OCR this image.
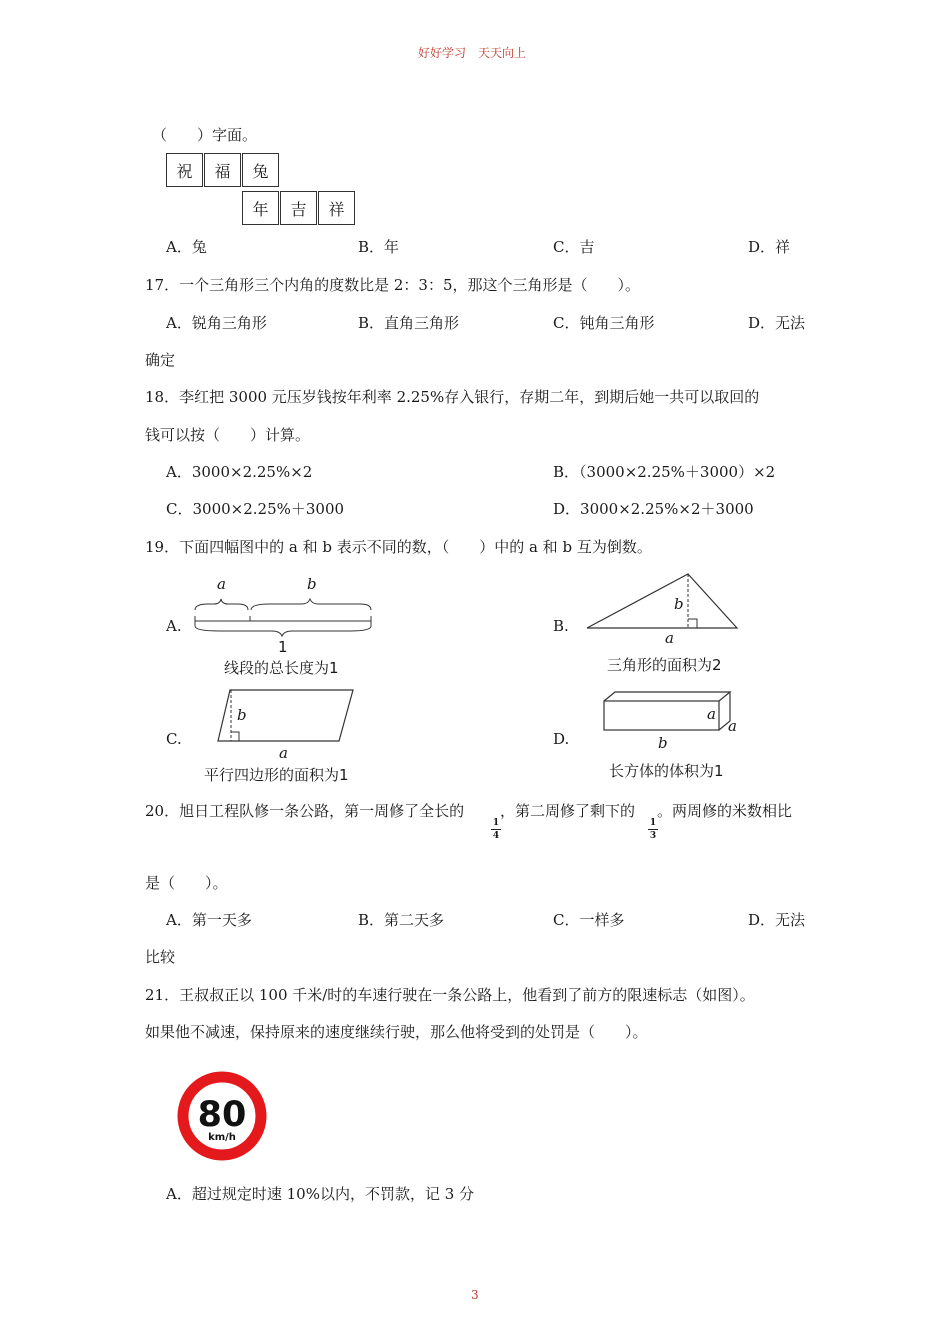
好好学习　天天向上
（　　）字面。
祝	福	兔
年	吉	祥
A．兔	B．年	C．吉	D．祥
17．一个三角形三个内角的度数比是 2：3：5，那这个三角形是（　　）。
A．锐角三角形	B．直角三角形	C．钝角三角形	D．无法
确定
18．李红把 3000 元压岁钱按年利率 2.25%存入银行，存期二年，到期后她一共可以取回的
钱可以按（　　）计算。
A．3000×2.25%×2	B．（3000×2.25%＋3000）×2
C．3000×2.25%＋3000	D．3000×2.25%×2＋3000
19．下面四幅图中的 a 和 b 表示不同的数，（　　）中的 a 和 b 互为倒数。
A.
a	b
1
线段的总长度为1
B.
b
a
三角形的面积为2
C.
b
a
平行四边形的面积为1
D.
a
a
b
长方体的体积为1
20．旭日工程队修一条公路，第一周修了全长的
1
4
，第二周修了剩下的
1
3
。两周修的米数相比
是（　　）。
A．第一天多	B．第二天多	C．一样多	D．无法
比较
21．王叔叔正以 100 千米/时的车速行驶在一条公路上，他看到了前方的限速标志（如图）。
如果他不减速，保持原来的速度继续行驶，那么他将受到的处罚是（　　）。
80
km/h
A．超过规定时速 10%以内，不罚款，记 3 分
3
